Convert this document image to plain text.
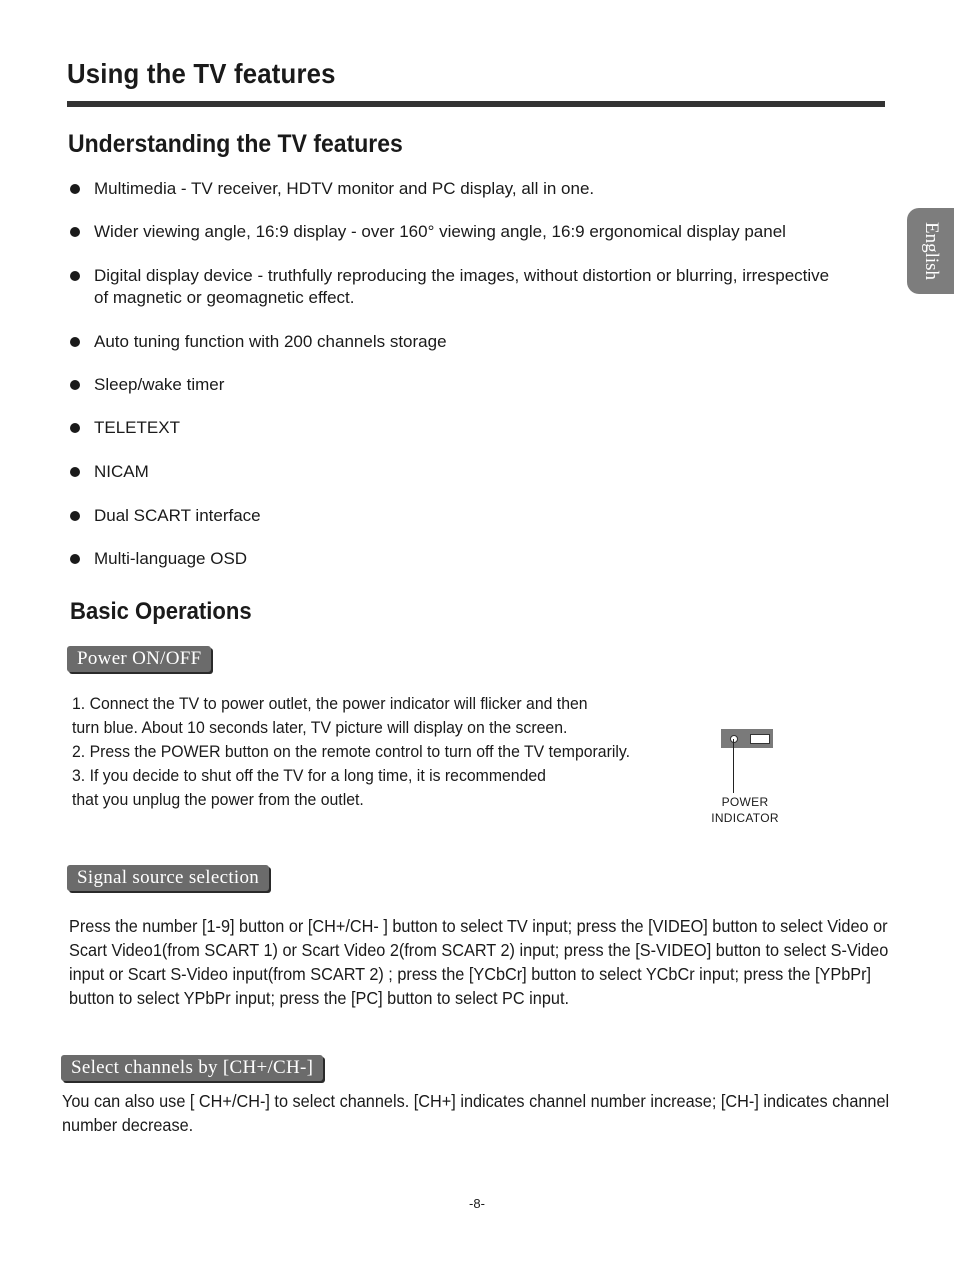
Using the TV features
English
Understanding the TV features
Multimedia - TV receiver, HDTV monitor and PC display, all in one.
Wider viewing angle, 16:9 display - over 160° viewing angle, 16:9 ergonomical display panel
Digital display device - truthfully reproducing the images, without distortion or blurring, irrespective
of magnetic or geomagnetic effect.
Auto tuning function with 200 channels storage
Sleep/wake timer
TELETEXT
NICAM
Dual SCART interface
Multi-language OSD
Basic Operations
Power ON/OFF
1. Connect the TV to power outlet, the power indicator will flicker and then
turn blue. About 10 seconds later, TV picture will display on the screen.
2. Press the POWER button on the remote control to turn off the TV temporarily.
3. If you decide to shut off the TV for a long time, it is recommended
that you unplug the power from the outlet.	POWER
INDICATOR
Signal source selection
Press the number [1-9] button or [CH+/CH- ] button to select TV input; press the [VIDEO] button to select Video or
Scart Video1(from SCART 1) or Scart Video 2(from SCART 2) input; press the [S-VIDEO] button to select S-Video
input or Scart S-Video input(from SCART 2) ; press the [YCbCr] button to select YCbCr input; press the [YPbPr]
button to select YPbPr input; press the [PC] button to select PC input.
Select channels by [CH+/CH-]
You can also use [ CH+/CH-] to select channels. [CH+] indicates channel number increase; [CH-] indicates channel
number decrease.
-8-
